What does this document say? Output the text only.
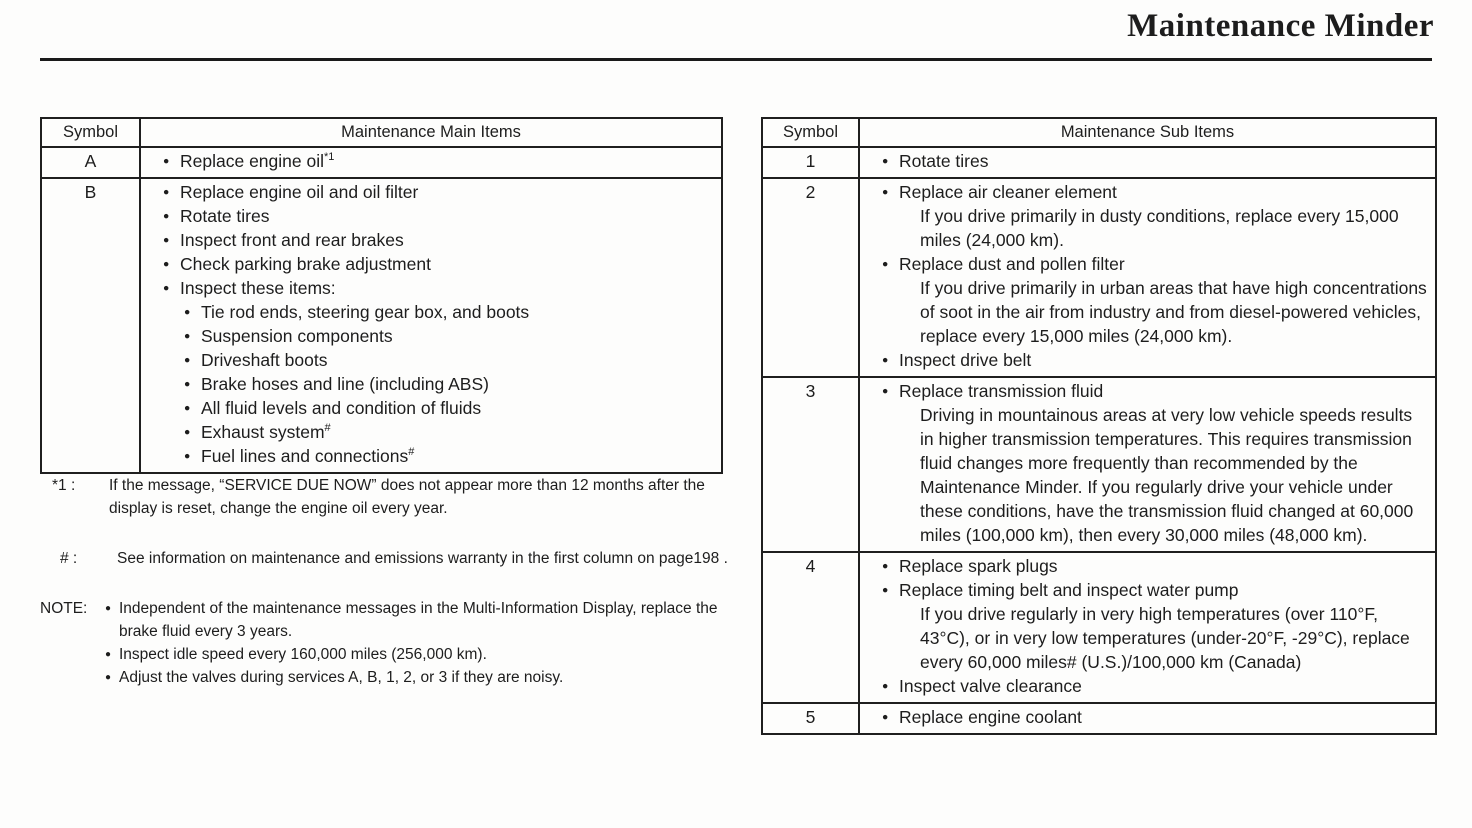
Maintenance Minder
Symbol	Maintenance Main Items
A	● Replace engine oil$^{*1}$
B	● Replace engine oil and oil filter
● Rotate tires
● Inspect front and rear brakes
● Check parking brake adjustment
● Inspect these items:
● Tie rod ends, steering gear box, and boots
● Suspension components
● Driveshaft boots
● Brake hoses and line (including ABS)
● All fluid levels and condition of fluids
● Exhaust system#
● Fuel lines and connections#
*1 :	If the message, “SERVICE DUE NOW” does not appear more than 12 months after the display is reset, change the engine oil every year.
# :	See information on maintenance and emissions warranty in the first column on page198 .
NOTE:	● Independent of the maintenance messages in the Multi-Information Display, replace the brake fluid every 3 years.
● Inspect idle speed every 160,000 miles (256,000 km).
● Adjust the valves during services A, B, 1, 2, or 3 if they are noisy.
Symbol	Maintenance Sub Items
1	● Rotate tires
2	● Replace air cleaner element
If you drive primarily in dusty conditions, replace every 15,000 miles (24,000 km).
● Replace dust and pollen filter
If you drive primarily in urban areas that have high concentrations of soot in the air from industry and from diesel-powered vehicles, replace every 15,000 miles (24,000 km).
● Inspect drive belt
3	● Replace transmission fluid
Driving in mountainous areas at very low vehicle speeds results in higher transmission temperatures. This requires transmission fluid changes more frequently than recommended by the Maintenance Minder. If you regularly drive your vehicle under these conditions, have the transmission fluid changed at 60,000 miles (100,000 km), then every 30,000 miles (48,000 km).
4	● Replace spark plugs
● Replace timing belt and inspect water pump
If you drive regularly in very high temperatures (over 110°F, 43°C), or in very low temperatures (under-20°F, -29°C), replace every 60,000 miles# (U.S.)/100,000 km (Canada)
● Inspect valve clearance
5	● Replace engine coolant
